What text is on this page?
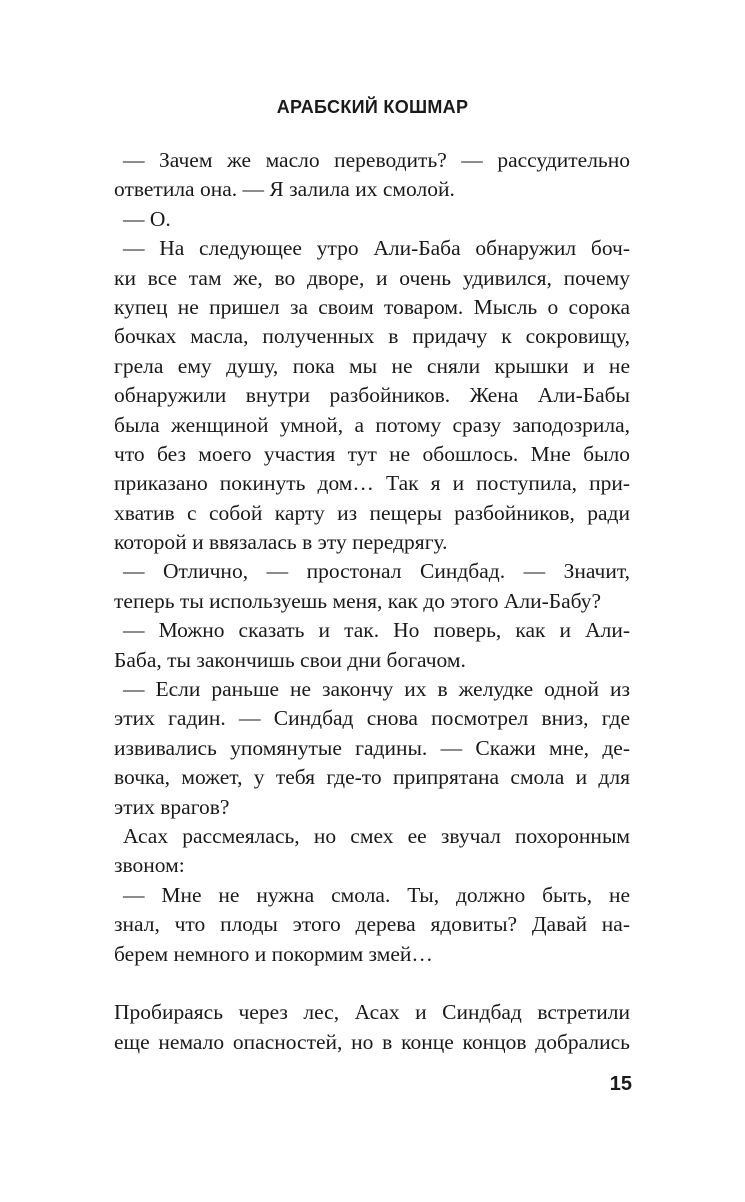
АРАБСКИЙ КОШМАР
— Зачем же масло переводить? — рассудительно
ответила она. — Я залила их смолой.
— О.
— На следующее утро Али-Баба обнаружил боч-
ки все там же, во дворе, и очень удивился, почему
купец не пришел за своим товаром. Мысль о сорока
бочках масла, полученных в придачу к сокровищу,
грела ему душу, пока мы не сняли крышки и не
обнаружили внутри разбойников. Жена Али-Бабы
была женщиной умной, а потому сразу заподозрила,
что без моего участия тут не обошлось. Мне было
приказано покинуть дом… Так я и поступила, при-
хватив с собой карту из пещеры разбойников, ради
которой и ввязалась в эту передрягу.
— Отлично, — простонал Синдбад. — Значит,
теперь ты используешь меня, как до этого Али-Бабу?
— Можно сказать и так. Но поверь, как и Али-
Баба, ты закончишь свои дни богачом.
— Если раньше не закончу их в желудке одной из
этих гадин. — Синдбад снова посмотрел вниз, где
извивались упомянутые гадины. — Скажи мне, де-
вочка, может, у тебя где-то припрятана смола и для
этих врагов?
Асах рассмеялась, но смех ее звучал похоронным
звоном:
— Мне не нужна смола. Ты, должно быть, не
знал, что плоды этого дерева ядовиты? Давай на-
берем немного и покормим змей…
Пробираясь через лес, Асах и Синдбад встретили
еще немало опасностей, но в конце концов добрались
15
